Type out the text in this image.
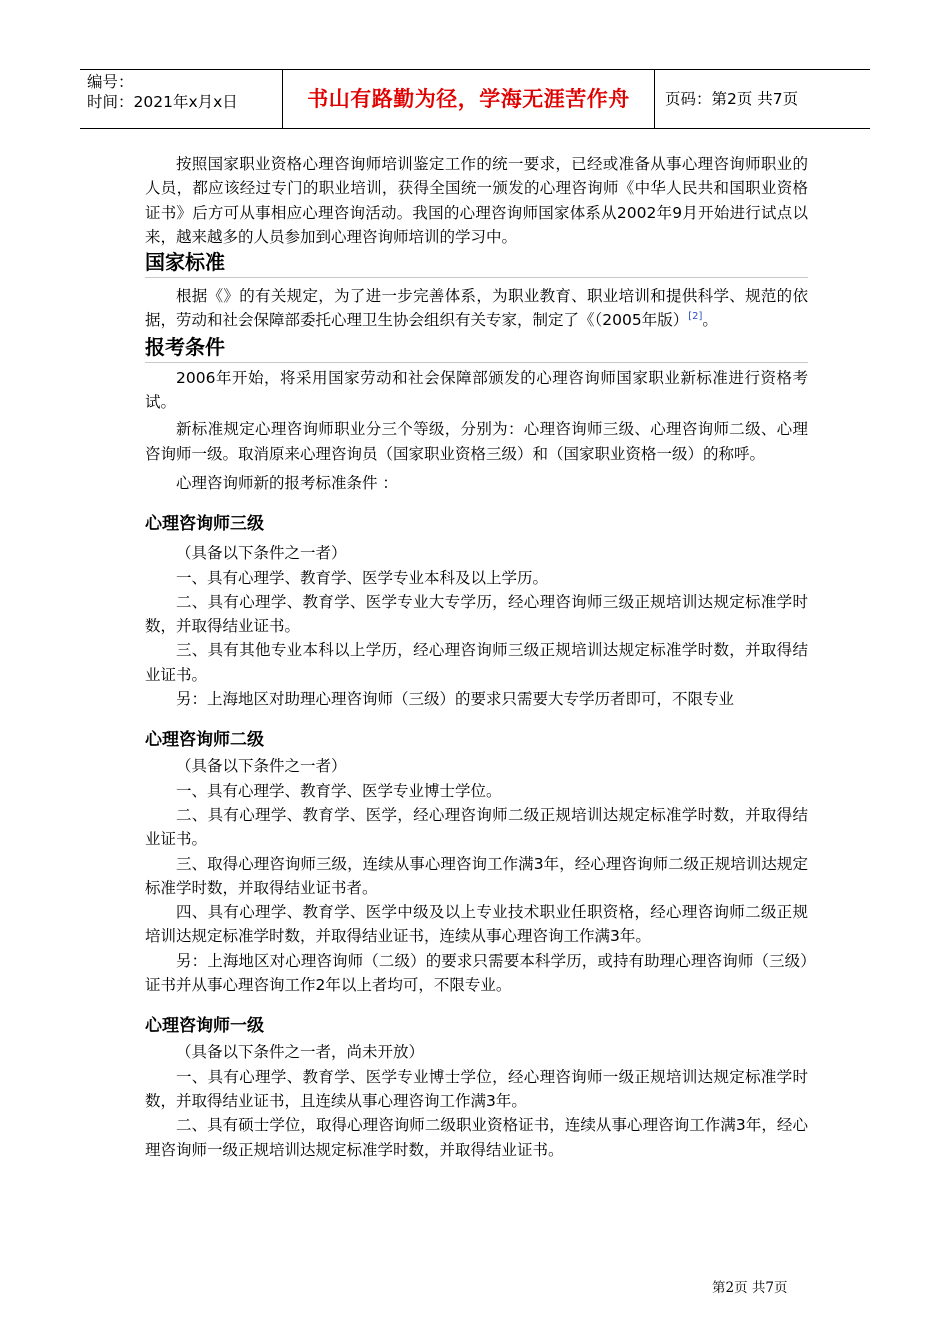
编号：
时间：2021年x月x日	书山有路勤为径，学海无涯苦作舟	页码：第2页 共7页

按照国家职业资格心理咨询师培训鉴定工作的统一要求，已经或准备从事心理咨询师职业的人员，都应该经过专门的职业培训，获得全国统一颁发的心理咨询师《中华人民共和国职业资格证书》后方可从事相应心理咨询活动。我国的心理咨询师国家体系从2002年9月开始进行试点以来，越来越多的人员参加到心理咨询师培训的学习中。

国家标准

根据《》的有关规定，为了进一步完善体系，为职业教育、职业培训和提供科学、规范的依据，劳动和社会保障部委托心理卫生协会组织有关专家，制定了《（2005年版）[2]。

报考条件

2006年开始，将采用国家劳动和社会保障部颁发的心理咨询师国家职业新标准进行资格考试。

新标准规定心理咨询师职业分三个等级，分别为：心理咨询师三级、心理咨询师二级、心理咨询师一级。取消原来心理咨询员（国家职业资格三级）和（国家职业资格一级）的称呼。

心理咨询师新的报考标准条件 ：

心理咨询师三级

（具备以下条件之一者）

一、具有心理学、教育学、医学专业本科及以上学历。

二、具有心理学、教育学、医学专业大专学历，经心理咨询师三级正规培训达规定标准学时数，并取得结业证书。

三、具有其他专业本科以上学历，经心理咨询师三级正规培训达规定标准学时数，并取得结业证书。

另：上海地区对助理心理咨询师（三级）的要求只需要大专学历者即可，不限专业

心理咨询师二级

（具备以下条件之一者）

一、具有心理学、教育学、医学专业博士学位。

二、具有心理学、教育学、医学，经心理咨询师二级正规培训达规定标准学时数，并取得结业证书。

三、取得心理咨询师三级，连续从事心理咨询工作满3年，经心理咨询师二级正规培训达规定标准学时数，并取得结业证书者。

四、具有心理学、教育学、医学中级及以上专业技术职业任职资格，经心理咨询师二级正规培训达规定标准学时数，并取得结业证书，连续从事心理咨询工作满3年。

另：上海地区对心理咨询师（二级）的要求只需要本科学历，或持有助理心理咨询师（三级）证书并从事心理咨询工作2年以上者均可，不限专业。

心理咨询师一级

（具备以下条件之一者，尚未开放）

一、具有心理学、教育学、医学专业博士学位，经心理咨询师一级正规培训达规定标准学时数，并取得结业证书，且连续从事心理咨询工作满3年。

二、具有硕士学位，取得心理咨询师二级职业资格证书，连续从事心理咨询工作满3年，经心理咨询师一级正规培训达规定标准学时数，并取得结业证书。

第2页 共7页
